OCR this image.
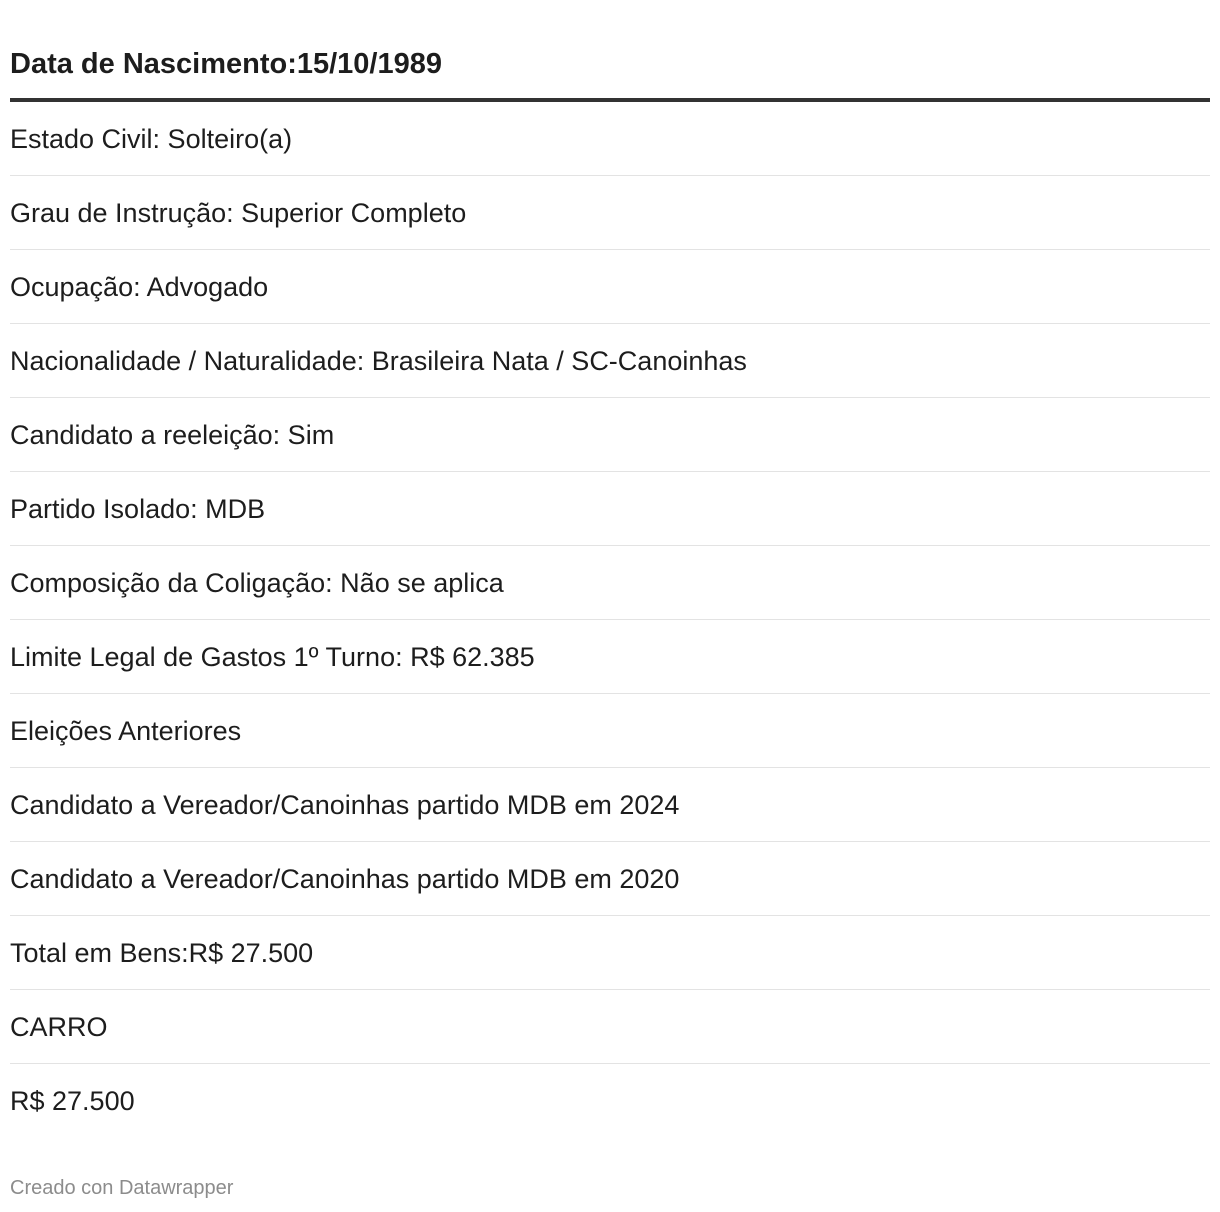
Data de Nascimento:15/10/1989
Estado Civil: Solteiro(a)
Grau de Instrução: Superior Completo
Ocupação: Advogado
Nacionalidade / Naturalidade: Brasileira Nata / SC-Canoinhas
Candidato a reeleição: Sim
Partido Isolado: MDB
Composição da Coligação: Não se aplica
Limite Legal de Gastos 1º Turno: R$ 62.385
Eleições Anteriores
Candidato a Vereador/Canoinhas partido MDB em 2024
Candidato a Vereador/Canoinhas partido MDB em 2020
Total em Bens:R$ 27.500
CARRO
R$ 27.500
Creado con Datawrapper
